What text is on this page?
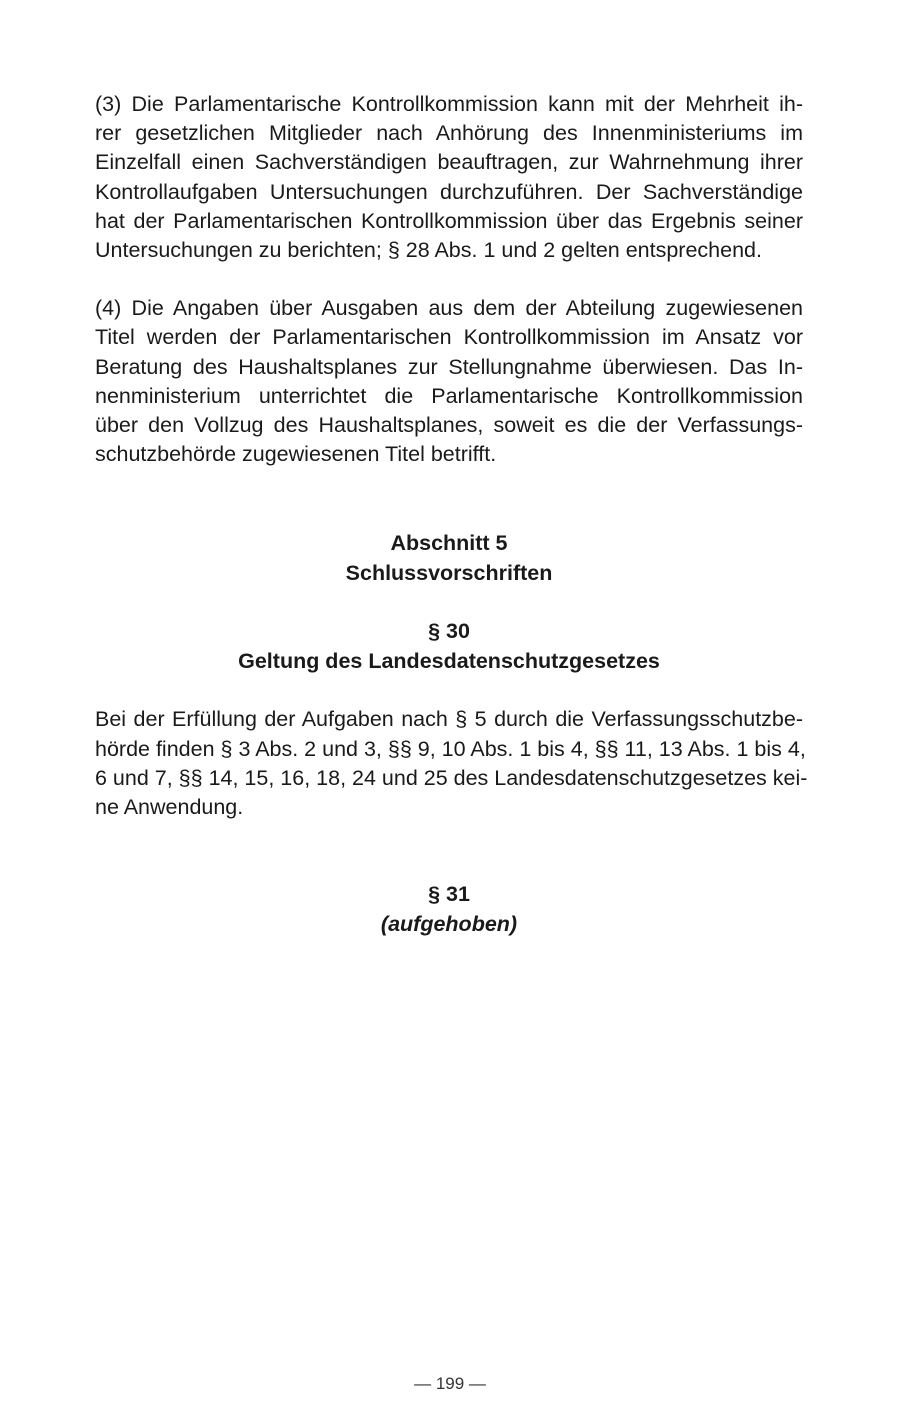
(3) Die Parlamentarische Kontrollkommission kann mit der Mehrheit ih-
rer gesetzlichen Mitglieder nach Anhörung des Innenministeriums im
Einzelfall einen Sachverständigen beauftragen, zur Wahrnehmung ihrer
Kontrollaufgaben Untersuchungen durchzuführen. Der Sachverständige
hat der Parlamentarischen Kontrollkommission über das Ergebnis seiner
Untersuchungen zu berichten; § 28 Abs. 1 und 2 gelten entsprechend.

(4) Die Angaben über Ausgaben aus dem der Abteilung zugewiesenen
Titel werden der Parlamentarischen Kontrollkommission im Ansatz vor
Beratung des Haushaltsplanes zur Stellungnahme überwiesen. Das In-
nenministerium unterrichtet die Parlamentarische Kontrollkommission
über den Vollzug des Haushaltsplanes, soweit es die der Verfassungs-
schutzbehörde zugewiesenen Titel betrifft.

Abschnitt 5
Schlussvorschriften
§ 30
Geltung des Landesdatenschutzgesetzes

Bei der Erfüllung der Aufgaben nach § 5 durch die Verfassungsschutzbe-
hörde finden § 3 Abs. 2 und 3, §§ 9, 10 Abs. 1 bis 4, §§ 11, 13 Abs. 1 bis 4,
6 und 7, §§ 14, 15, 16, 18, 24 und 25 des Landesdatenschutzgesetzes kei-
ne Anwendung.

§ 31
(aufgehoben)
— 199 —
